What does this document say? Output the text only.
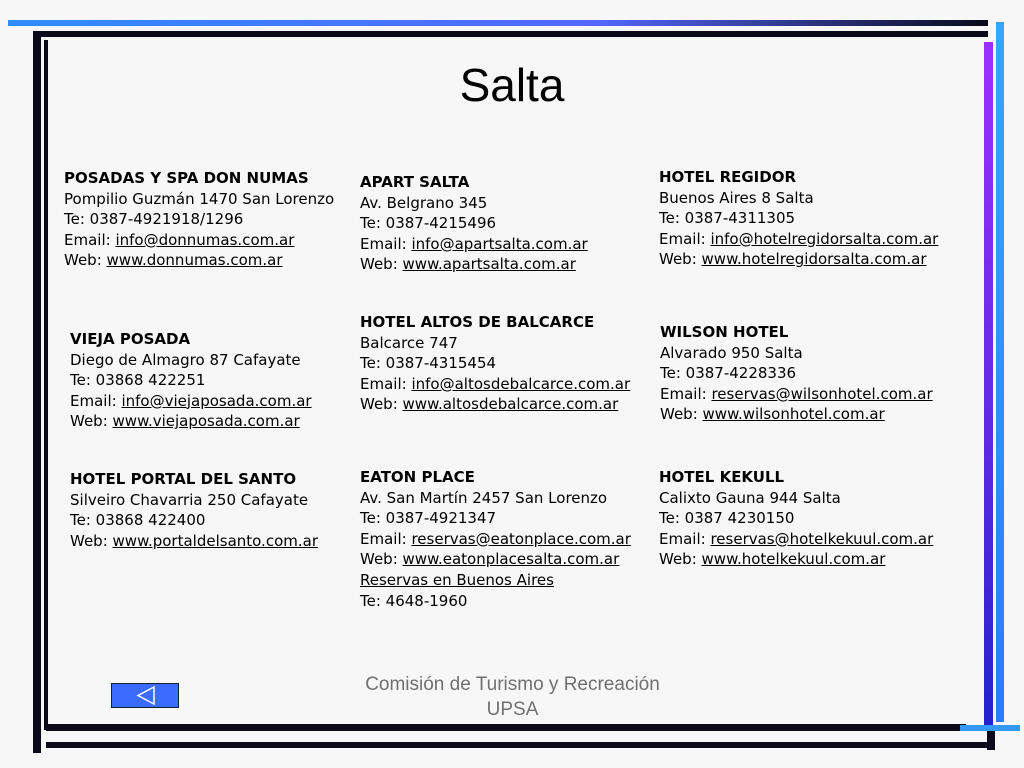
Salta
POSADAS Y SPA DON NUMAS
Pompilio Guzmán 1470 San Lorenzo
Te: 0387-4921918/1296
Email: info@donnumas.com.ar
Web: www.donnumas.com.ar
APART SALTA
Av. Belgrano 345
Te: 0387-4215496
Email: info@apartsalta.com.ar
Web: www.apartsalta.com.ar
HOTEL REGIDOR
Buenos Aires 8 Salta
Te: 0387-4311305
Email: info@hotelregidorsalta.com.ar
Web: www.hotelregidorsalta.com.ar
VIEJA POSADA
Diego de Almagro 87 Cafayate
Te: 03868 422251
Email: info@viejaposada.com.ar
Web: www.viejaposada.com.ar
HOTEL ALTOS DE BALCARCE
Balcarce 747
Te: 0387-4315454
Email: info@altosdebalcarce.com.ar
Web: www.altosdebalcarce.com.ar
WILSON HOTEL
Alvarado 950 Salta
Te: 0387-4228336
Email: reservas@wilsonhotel.com.ar
Web: www.wilsonhotel.com.ar
HOTEL PORTAL DEL SANTO
Silveiro Chavarria 250 Cafayate
Te: 03868 422400
Web: www.portaldelsanto.com.ar
EATON PLACE
Av. San Martín 2457 San Lorenzo
Te: 0387-4921347
Email: reservas@eatonplace.com.ar
Web: www.eatonplacesalta.com.ar
Reservas en Buenos Aires
Te: 4648-1960
HOTEL KEKULL
Calixto Gauna 944 Salta
Te: 0387 4230150
Email: reservas@hotelkekuul.com.ar
Web: www.hotelkekuul.com.ar
Comisión de Turismo y Recreación
UPSA
